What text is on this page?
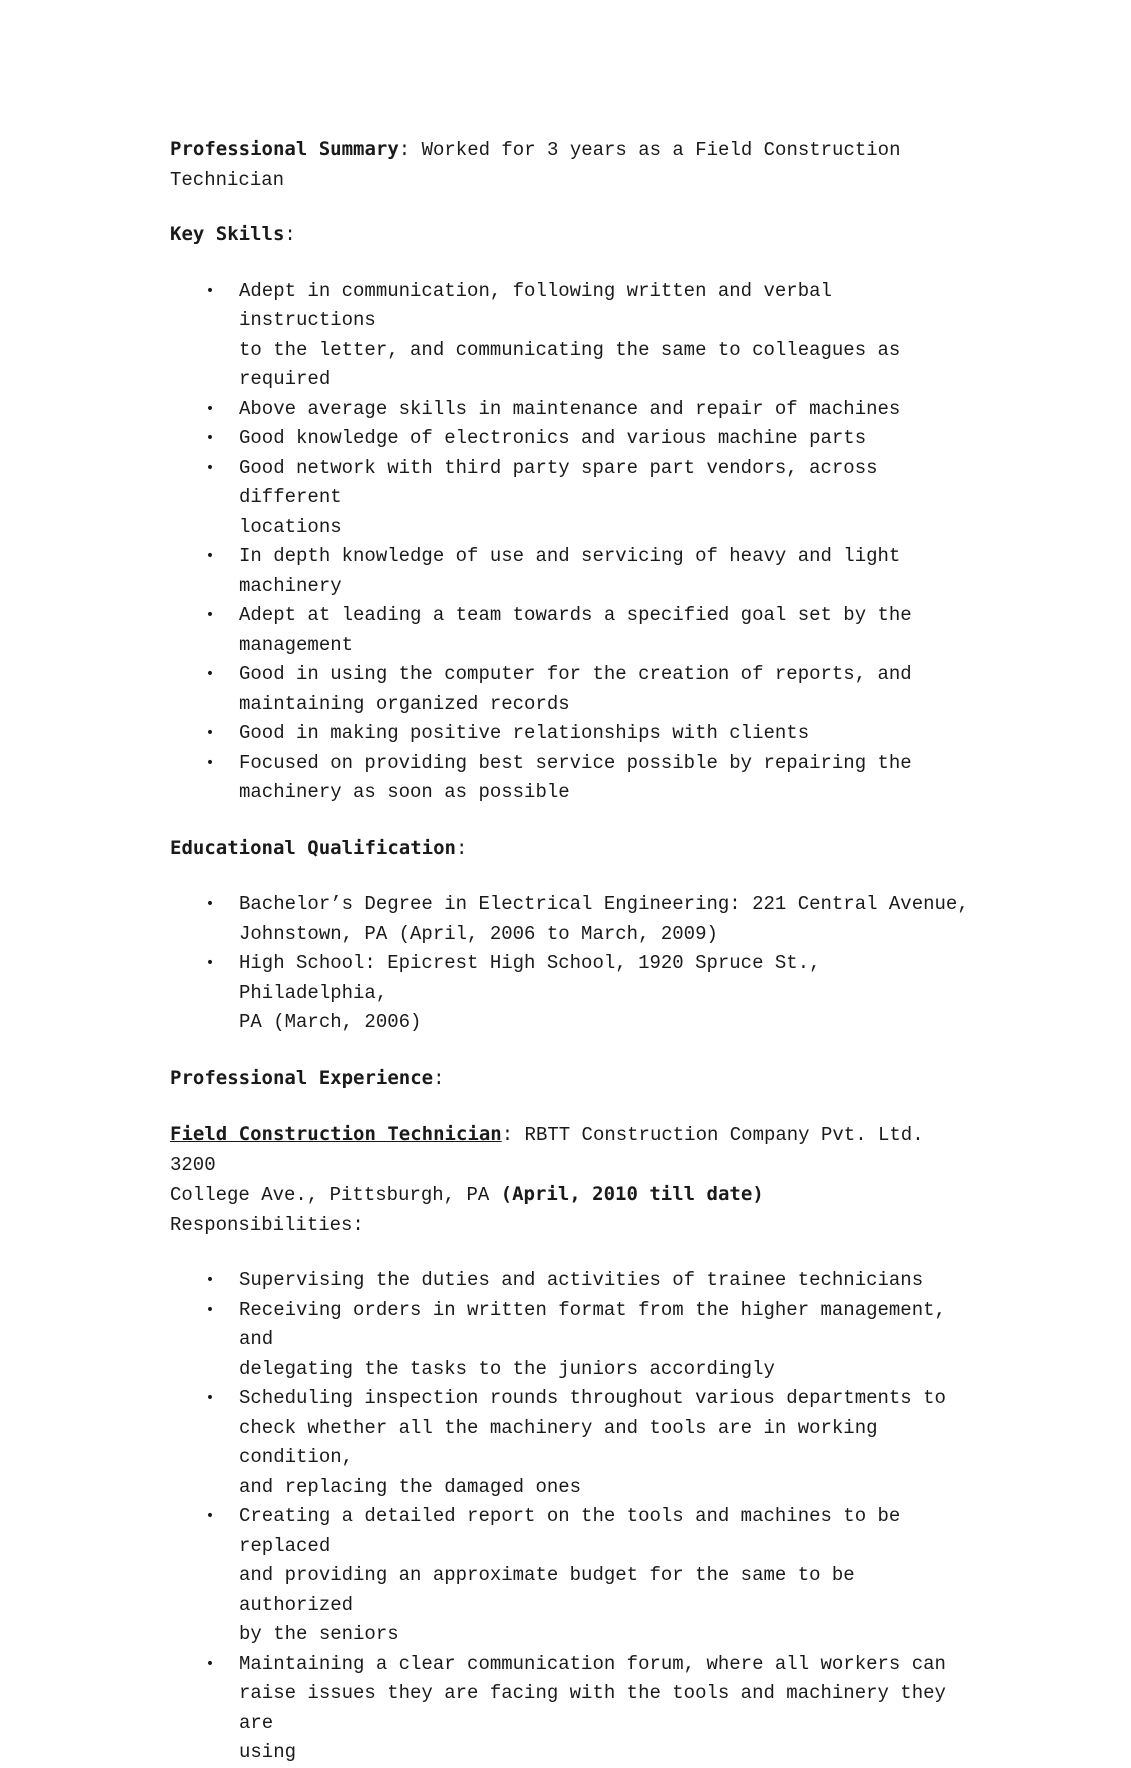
Professional Summary: Worked for 3 years as a Field Construction
Technician

Key Skills:

• Adept in communication, following written and verbal instructions
to the letter, and communicating the same to colleagues as required
• Above average skills in maintenance and repair of machines
• Good knowledge of electronics and various machine parts
• Good network with third party spare part vendors, across different
locations
• In depth knowledge of use and servicing of heavy and light machinery
• Adept at leading a team towards a specified goal set by the
management
• Good in using the computer for the creation of reports, and
maintaining organized records
• Good in making positive relationships with clients
• Focused on providing best service possible by repairing the
machinery as soon as possible

Educational Qualification:

• Bachelor’s Degree in Electrical Engineering: 221 Central Avenue,
Johnstown, PA (April, 2006 to March, 2009)
• High School: Epicrest High School, 1920 Spruce St., Philadelphia,
PA (March, 2006)

Professional Experience:

Field Construction Technician: RBTT Construction Company Pvt. Ltd. 3200
College Ave., Pittsburgh, PA (April, 2010 till date)
Responsibilities:

• Supervising the duties and activities of trainee technicians
• Receiving orders in written format from the higher management, and
delegating the tasks to the juniors accordingly
• Scheduling inspection rounds throughout various departments to
check whether all the machinery and tools are in working condition,
and replacing the damaged ones
• Creating a detailed report on the tools and machines to be replaced
and providing an approximate budget for the same to be authorized
by the seniors
• Maintaining a clear communication forum, where all workers can
raise issues they are facing with the tools and machinery they are
using
